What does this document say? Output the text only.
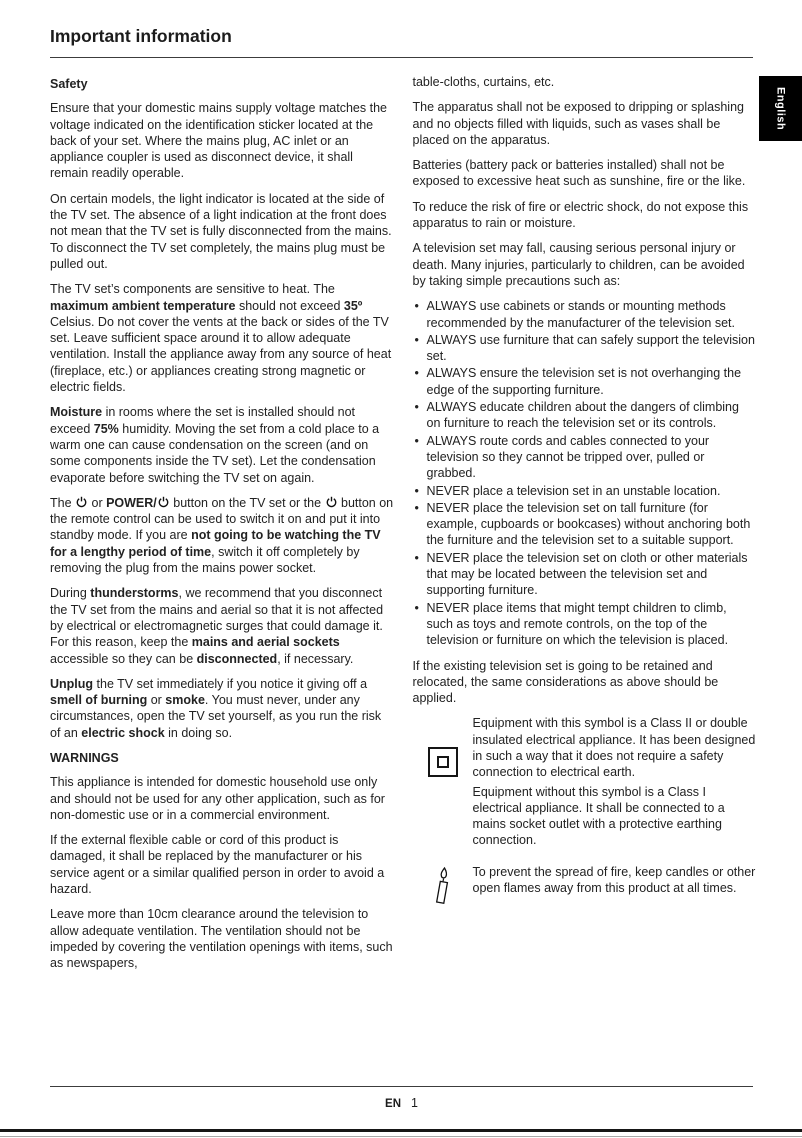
Important information
English
Safety

Ensure that your domestic mains supply voltage matches the voltage indicated on the identification sticker located at the back of your set. Where the mains plug, AC inlet or an appliance coupler is used as disconnect device, it shall remain readily operable.

On certain models, the light indicator is located at the side of the TV set. The absence of a light indication at the front does not mean that the TV set is fully disconnected from the mains. To disconnect the TV set completely, the mains plug must be pulled out.

The TV set’s components are sensitive to heat. The maximum ambient temperature should not exceed 35º Celsius. Do not cover the vents at the back or sides of the TV set. Leave sufficient space around it to allow adequate ventilation. Install the appliance away from any source of heat (fireplace, etc.) or appliances creating strong magnetic or electric fields.

Moisture in rooms where the set is installed should not exceed 75% humidity. Moving the set from a cold place to a warm one can cause condensation on the screen (and on some components inside the TV set). Let the condensation evaporate before switching the TV set on again.

The  or POWER/ button on the TV set or the  button on the remote control can be used to switch it on and put it into standby mode. If you are not going to be watching the TV for a lengthy period of time, switch it off completely by removing the plug from the mains power socket.

During thunderstorms, we recommend that you disconnect the TV set from the mains and aerial so that it is not affected by electrical or electromagnetic surges that could damage it. For this reason, keep the mains and aerial sockets accessible so they can be disconnected, if necessary.

Unplug the TV set immediately if you notice it giving off a smell of burning or smoke. You must never, under any circumstances, open the TV set yourself, as you run the risk of an electric shock in doing so.

WARNINGS

This appliance is intended for domestic household use only and should not be used for any other application, such as for non-domestic use or in a commercial environment.

If the external flexible cable or cord of this product is damaged, it shall be replaced by the manufacturer or his service agent or a similar qualified person in order to avoid a hazard.

Leave more than 10cm clearance around the television to allow adequate ventilation. The ventilation should not be impeded by covering the ventilation openings with items, such as newspapers,

table-cloths, curtains, etc.

The apparatus shall not be exposed to dripping or splashing and no objects filled with liquids, such as vases shall be placed on the apparatus.

Batteries (battery pack or batteries installed) shall not be exposed to excessive heat such as sunshine, fire or the like.

To reduce the risk of fire or electric shock, do not expose this apparatus to rain or moisture.

A television set may fall, causing serious personal injury or death. Many injuries, particularly to children, can be avoided by taking simple precautions such as:

• ALWAYS use cabinets or stands or mounting methods recommended by the manufacturer of the television set.
• ALWAYS use furniture that can safely support the television set.
• ALWAYS ensure the television set is not overhanging the edge of the supporting furniture.
• ALWAYS educate children about the dangers of climbing on furniture to reach the television set or its controls.
• ALWAYS route cords and cables connected to your television so they cannot be tripped over, pulled or grabbed.
• NEVER place a television set in an unstable location.
• NEVER place the television set on tall furniture (for example, cupboards or bookcases) without anchoring both the furniture and the television set to a suitable support.
• NEVER place the television set on cloth or other materials that may be located between the television set and supporting furniture.
• NEVER place items that might tempt children to climb, such as toys and remote controls, on the top of the television or furniture on which the television is placed.

If the existing television set is going to be retained and relocated, the same considerations as above should be applied.

Equipment with this symbol is a Class II or double insulated electrical appliance. It has been designed in such a way that it does not require a safety connection to electrical earth.

Equipment without this symbol is a Class I electrical appliance. It shall be connected to a mains socket outlet with a protective earthing connection.

To prevent the spread of fire, keep candles or other open flames away from this product at all times.

EN 1
